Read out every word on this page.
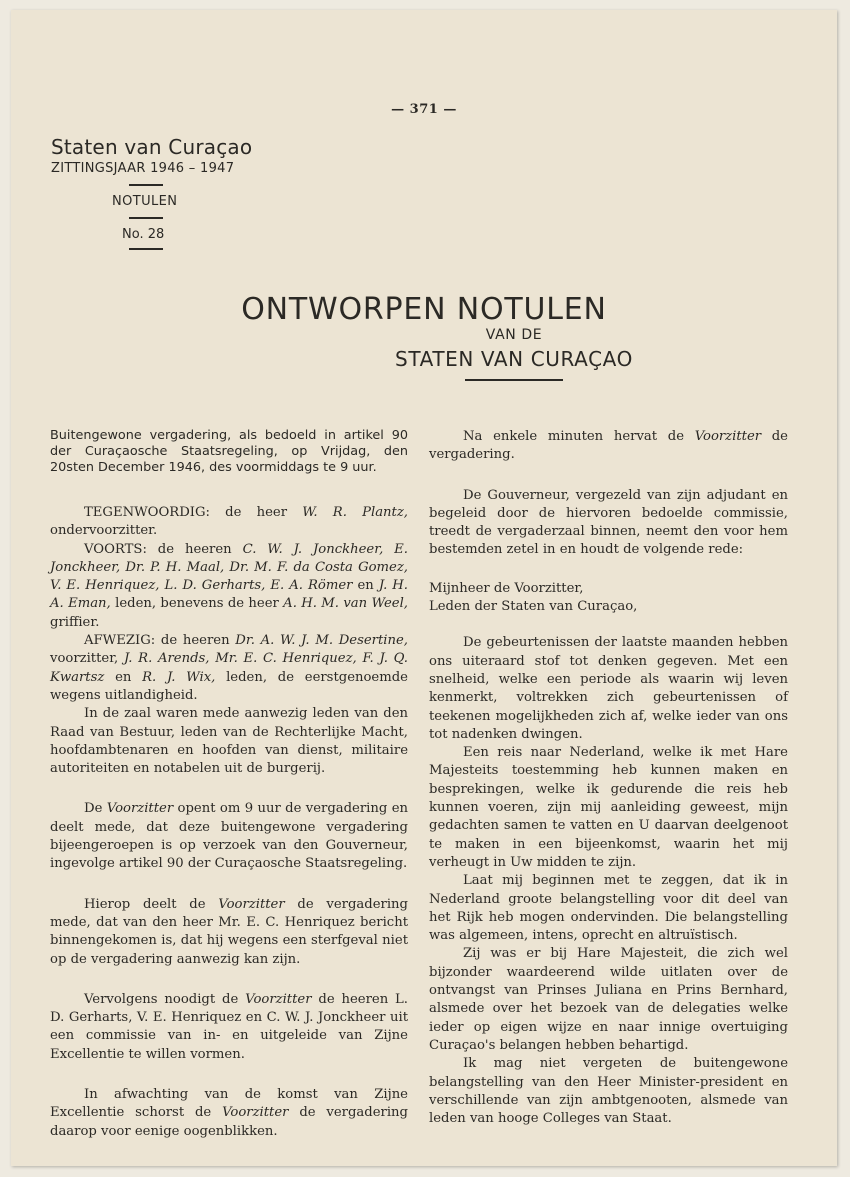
— 371 —
Staten van Curaçao
ZITTINGSJAAR 1946 – 1947
NOTULEN
No. 28
ONTWORPEN NOTULEN
VAN DE
STATEN VAN CURAÇAO
Buitengewone vergadering, als bedoeld in artikel 90 der Curaçaosche Staatsregeling, op Vrijdag, den 20sten December 1946, des voormiddags te 9 uur.

TEGENWOORDIG: de heer W. R. Plantz, ondervoorzitter.

VOORTS: de heeren C. W. J. Jonckheer, E. Jonckheer, Dr. P. H. Maal, Dr. M. F. da Costa Gomez, V. E. Henriquez, L. D. Gerharts, E. A. Römer en J. H. A. Eman, leden, benevens de heer A. H. M. van Weel, griffier.

AFWEZIG: de heeren Dr. A. W. J. M. Desertine, voorzitter, J. R. Arends, Mr. E. C. Henriquez, F. J. Q. Kwartsz en R. J. Wix, leden, de eerstgenoemde wegens uitlandigheid.

In de zaal waren mede aanwezig leden van den Raad van Bestuur, leden van de Rechterlijke Macht, hoofdambtenaren en hoofden van dienst, militaire autoriteiten en notabelen uit de burgerij.

De Voorzitter opent om 9 uur de vergadering en deelt mede, dat deze buitengewone vergadering bijeengeroepen is op verzoek van den Gouverneur, ingevolge artikel 90 der Curaçaosche Staatsregeling.

Hierop deelt de Voorzitter de vergadering mede, dat van den heer Mr. E. C. Henriquez bericht binnengekomen is, dat hij wegens een sterfgeval niet op de vergadering aanwezig kan zijn.

Vervolgens noodigt de Voorzitter de heeren L. D. Gerharts, V. E. Henriquez en C. W. J. Jonckheer uit een commissie van in- en uitgeleide van Zijne Excellentie te willen vormen.

In afwachting van de komst van Zijne Excellentie schorst de Voorzitter de vergadering daarop voor eenige oogenblikken.

Na enkele minuten hervat de Voorzitter de vergadering.

De Gouverneur, vergezeld van zijn adjudant en begeleid door de hiervoren bedoelde commissie, treedt de vergaderzaal binnen, neemt den voor hem bestemden zetel in en houdt de volgende rede:

Mijnheer de Voorzitter,

Leden der Staten van Curaçao,

De gebeurtenissen der laatste maanden hebben ons uiteraard stof tot denken gegeven. Met een snelheid, welke een periode als waarin wij leven kenmerkt, voltrekken zich gebeurtenissen of teekenen mogelijkheden zich af, welke ieder van ons tot nadenken dwingen.

Een reis naar Nederland, welke ik met Hare Majesteits toestemming heb kunnen maken en besprekingen, welke ik gedurende die reis heb kunnen voeren, zijn mij aanleiding geweest, mijn gedachten samen te vatten en U daarvan deelgenoot te maken in een bijeenkomst, waarin het mij verheugt in Uw midden te zijn.

Laat mij beginnen met te zeggen, dat ik in Nederland groote belangstelling voor dit deel van het Rijk heb mogen ondervinden. Die belangstelling was algemeen, intens, oprecht en altruïstisch.

Zij was er bij Hare Majesteit, die zich wel bijzonder waardeerend wilde uitlaten over de ontvangst van Prinses Juliana en Prins Bernhard, alsmede over het bezoek van de delegaties welke ieder op eigen wijze en naar innige overtuiging Curaçao's belangen hebben behartigd.

Ik mag niet vergeten de buitengewone belangstelling van den Heer Minister-president en verschillende van zijn ambtgenooten, alsmede van leden van hooge Colleges van Staat.
